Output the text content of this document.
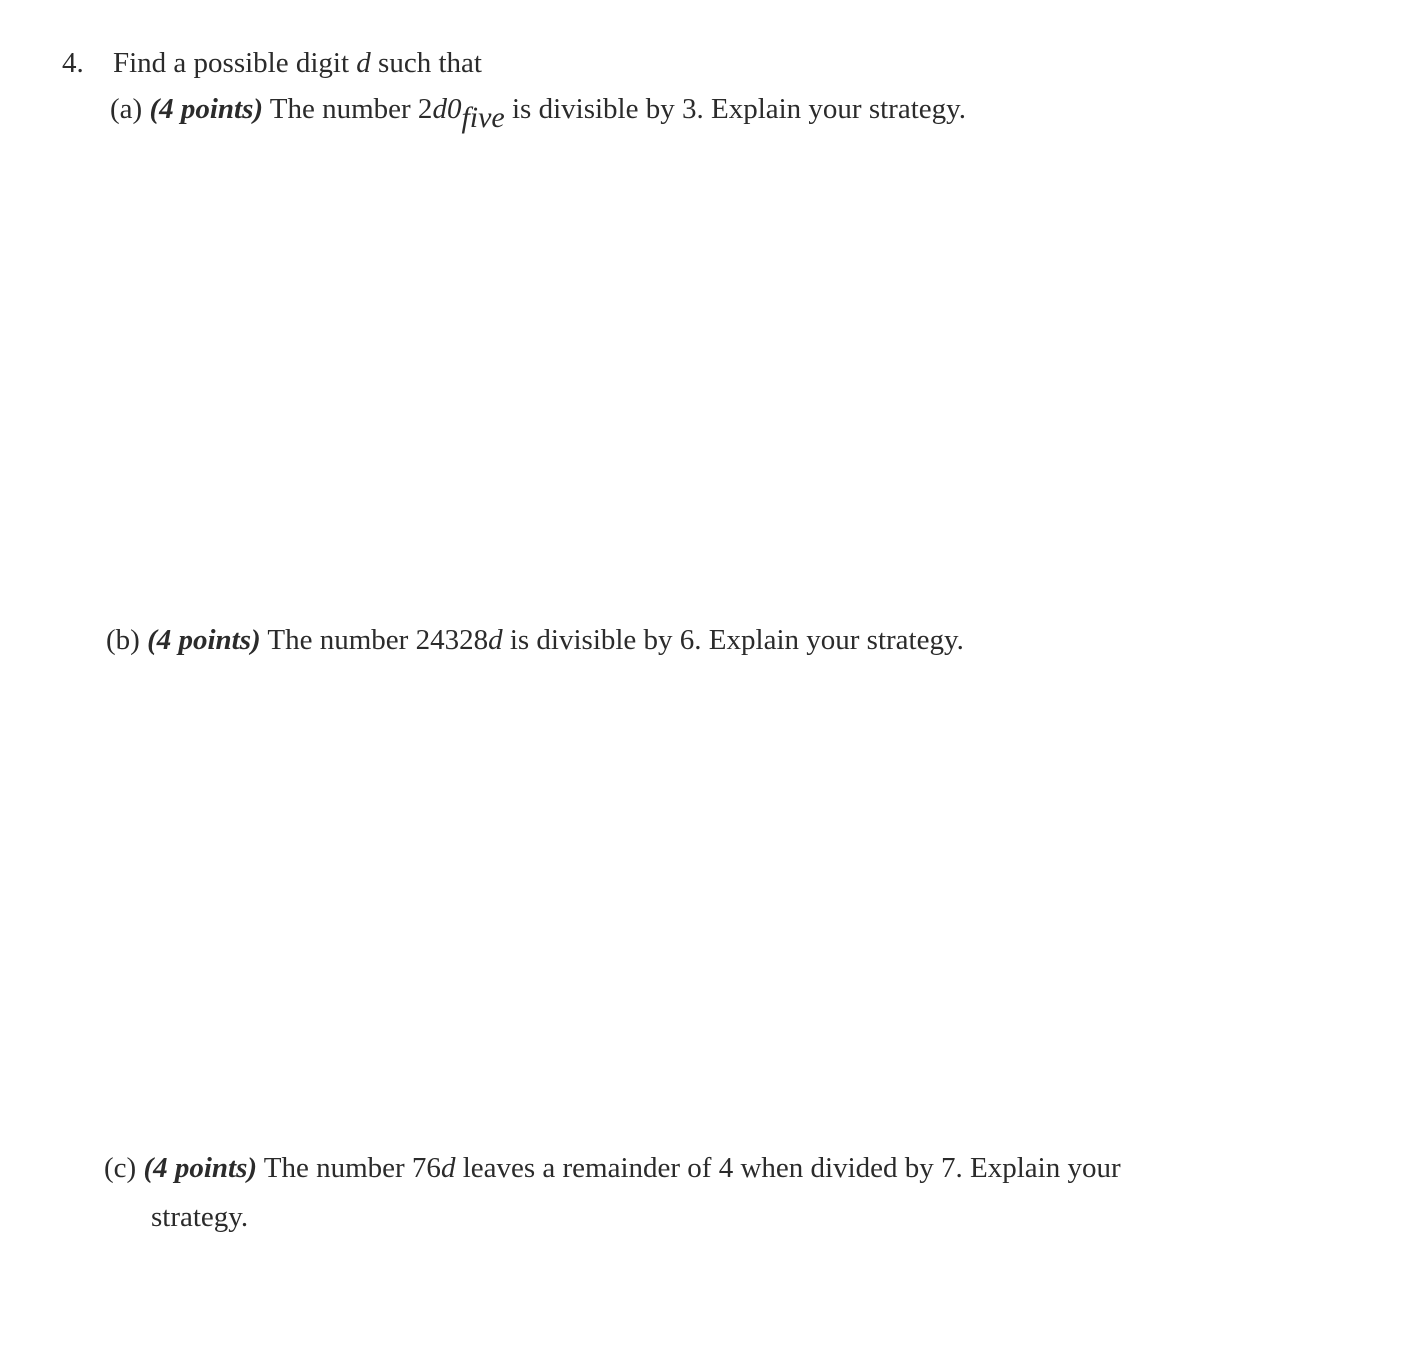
4. Find a possible digit d such that
(a) (4 points) The number 2d0five is divisible by 3. Explain your strategy.
(b) (4 points) The number 24328d is divisible by 6. Explain your strategy.
(c) (4 points) The number 76d leaves a remainder of 4 when divided by 7. Explain your
strategy.
